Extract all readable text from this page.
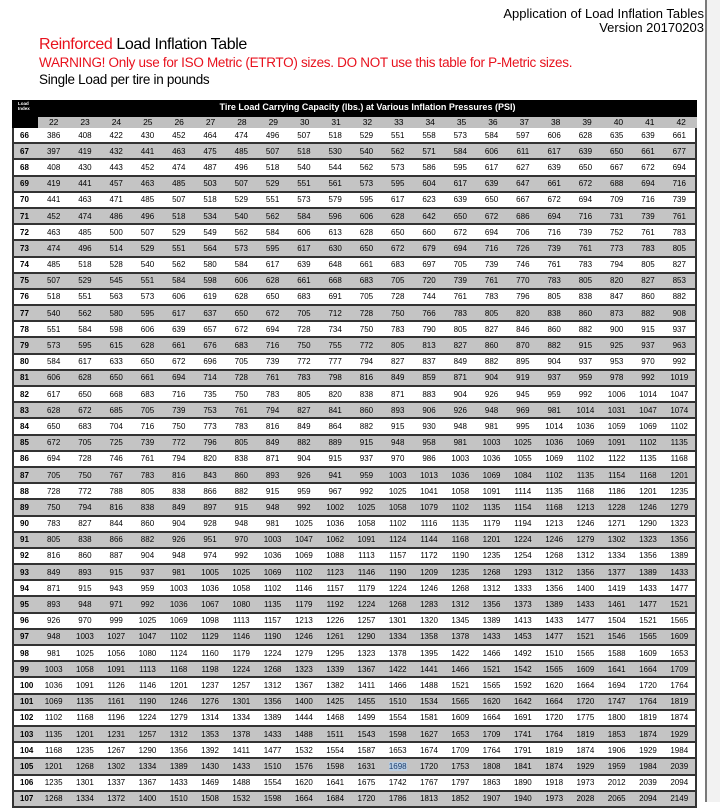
Application of Load Inflation Tables
Version 20170203
Reinforced Load Inflation Table
WARNING! Only use for ISO Metric (ETRTO) sizes. DO NOT use this table for P-Metric sizes.
Single Load per tire in pounds
Load
Index	Tire Load Carrying Capacity (lbs.) at Various Inflation Pressures (PSI)
22	23	24	25	26	27	28	29	30	31	32	33	34	35	36	37	38	39	40	41	42
66	386	408	422	430	452	464	474	496	507	518	529	551	558	573	584	597	606	628	635	639	661
67	397	419	432	441	463	475	485	507	518	530	540	562	571	584	606	611	617	639	650	661	677
68	408	430	443	452	474	487	496	518	540	544	562	573	586	595	617	627	639	650	667	672	694
69	419	441	457	463	485	503	507	529	551	561	573	595	604	617	639	647	661	672	688	694	716
70	441	463	471	485	507	518	529	551	573	579	595	617	623	639	650	667	672	694	709	716	739
71	452	474	486	496	518	534	540	562	584	596	606	628	642	650	672	686	694	716	731	739	761
72	463	485	500	507	529	549	562	584	606	613	628	650	660	672	694	706	716	739	752	761	783
73	474	496	514	529	551	564	573	595	617	630	650	672	679	694	716	726	739	761	773	783	805
74	485	518	528	540	562	580	584	617	639	648	661	683	697	705	739	746	761	783	794	805	827
75	507	529	545	551	584	598	606	628	661	668	683	705	720	739	761	770	783	805	820	827	853
76	518	551	563	573	606	619	628	650	683	691	705	728	744	761	783	796	805	838	847	860	882
77	540	562	580	595	617	637	650	672	705	712	728	750	766	783	805	820	838	860	873	882	908
78	551	584	598	606	639	657	672	694	728	734	750	783	790	805	827	846	860	882	900	915	937
79	573	595	615	628	661	676	683	716	750	755	772	805	813	827	860	870	882	915	925	937	963
80	584	617	633	650	672	696	705	739	772	777	794	827	837	849	882	895	904	937	953	970	992
81	606	628	650	661	694	714	728	761	783	798	816	849	859	871	904	919	937	959	978	992	1019
82	617	650	668	683	716	735	750	783	805	820	838	871	883	904	926	945	959	992	1006	1014	1047
83	628	672	685	705	739	753	761	794	827	841	860	893	906	926	948	969	981	1014	1031	1047	1074
84	650	683	704	716	750	773	783	816	849	864	882	915	930	948	981	995	1014	1036	1059	1069	1102
85	672	705	725	739	772	796	805	849	882	889	915	948	958	981	1003	1025	1036	1069	1091	1102	1135
86	694	728	746	761	794	820	838	871	904	915	937	970	986	1003	1036	1055	1069	1102	1122	1135	1168
87	705	750	767	783	816	843	860	893	926	941	959	1003	1013	1036	1069	1084	1102	1135	1154	1168	1201
88	728	772	788	805	838	866	882	915	959	967	992	1025	1041	1058	1091	1114	1135	1168	1186	1201	1235
89	750	794	816	838	849	897	915	948	992	1002	1025	1058	1079	1102	1135	1154	1168	1213	1228	1246	1279
90	783	827	844	860	904	928	948	981	1025	1036	1058	1102	1116	1135	1179	1194	1213	1246	1271	1290	1323
91	805	838	866	882	926	951	970	1003	1047	1062	1091	1124	1144	1168	1201	1224	1246	1279	1302	1323	1356
92	816	860	887	904	948	974	992	1036	1069	1088	1113	1157	1172	1190	1235	1254	1268	1312	1334	1356	1389
93	849	893	915	937	981	1005	1025	1069	1102	1123	1146	1190	1209	1235	1268	1293	1312	1356	1377	1389	1433
94	871	915	943	959	1003	1036	1058	1102	1146	1157	1179	1224	1246	1268	1312	1333	1356	1400	1419	1433	1477
95	893	948	971	992	1036	1067	1080	1135	1179	1192	1224	1268	1283	1312	1356	1373	1389	1433	1461	1477	1521
96	926	970	999	1025	1069	1098	1113	1157	1213	1226	1257	1301	1320	1345	1389	1413	1433	1477	1504	1521	1565
97	948	1003	1027	1047	1102	1129	1146	1190	1246	1261	1290	1334	1358	1378	1433	1453	1477	1521	1546	1565	1609
98	981	1025	1056	1080	1124	1160	1179	1224	1279	1295	1323	1378	1395	1422	1466	1492	1510	1565	1588	1609	1653
99	1003	1058	1091	1113	1168	1198	1224	1268	1323	1339	1367	1422	1441	1466	1521	1542	1565	1609	1641	1664	1709
100	1036	1091	1126	1146	1201	1237	1257	1312	1367	1382	1411	1466	1488	1521	1565	1592	1620	1664	1694	1720	1764
101	1069	1135	1161	1190	1246	1276	1301	1356	1400	1425	1455	1510	1534	1565	1620	1642	1664	1720	1747	1764	1819
102	1102	1168	1196	1224	1279	1314	1334	1389	1444	1468	1499	1554	1581	1609	1664	1691	1720	1775	1800	1819	1874
103	1135	1201	1231	1257	1312	1353	1378	1433	1488	1511	1543	1598	1627	1653	1709	1741	1764	1819	1853	1874	1929
104	1168	1235	1267	1290	1356	1392	1411	1477	1532	1554	1587	1653	1674	1709	1764	1791	1819	1874	1906	1929	1984
105	1201	1268	1302	1334	1389	1430	1433	1510	1576	1598	1631	1698	1720	1753	1808	1841	1874	1929	1959	1984	2039
106	1235	1301	1337	1367	1433	1469	1488	1554	1620	1641	1675	1742	1767	1797	1863	1890	1918	1973	2012	2039	2094
107	1268	1334	1372	1400	1510	1508	1532	1598	1664	1684	1720	1786	1813	1852	1907	1940	1973	2028	2065	2094	2149
